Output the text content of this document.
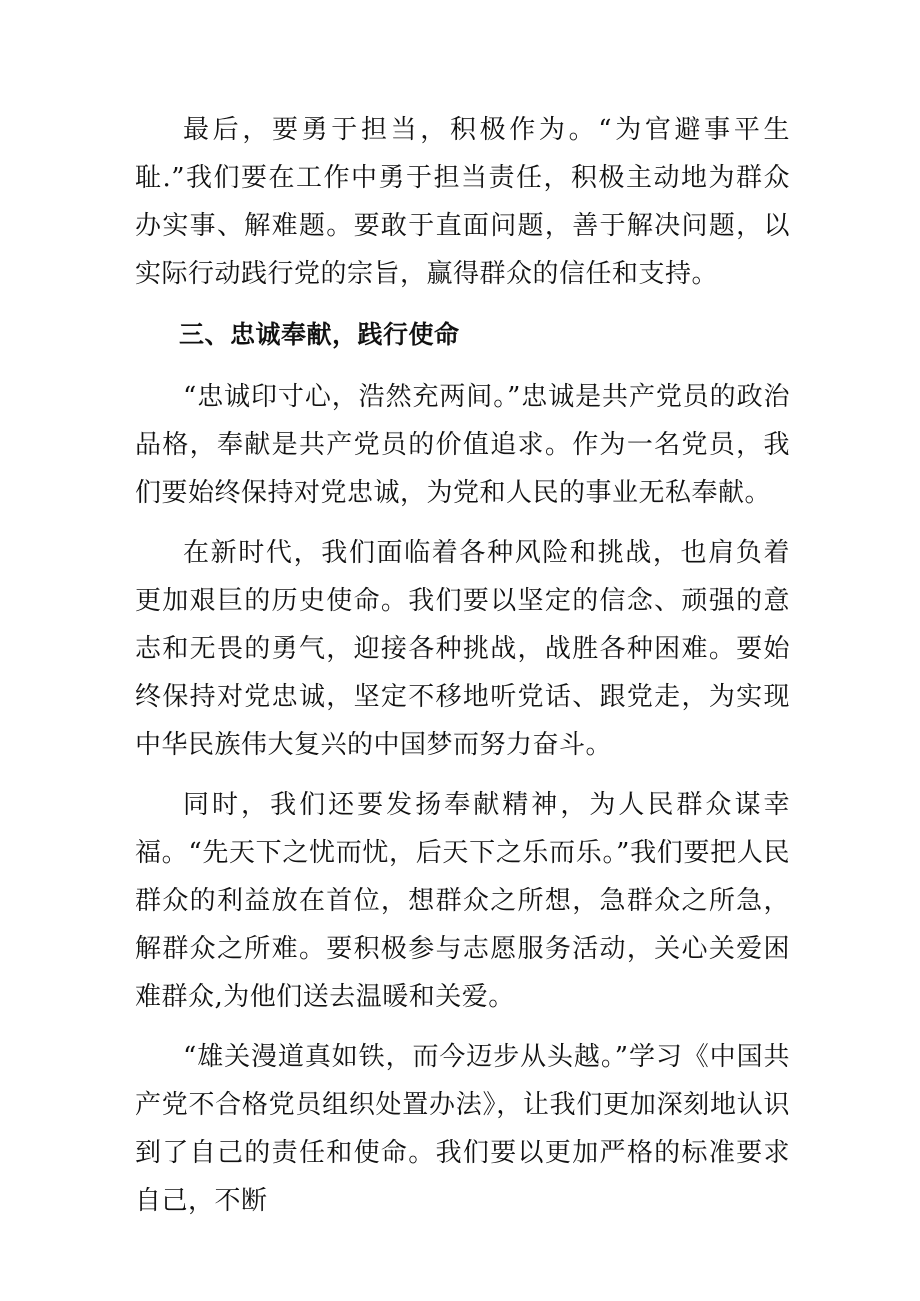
最后，要勇于担当，积极作为。“为官避事平生耻.”我们要在工作中勇于担当责任，积极主动地为群众办实事、解难题。要敢于直面问题，善于解决问题，以实际行动践行党的宗旨，赢得群众的信任和支持。

三、忠诚奉献，践行使命

“忠诚印寸心，浩然充两间。”忠诚是共产党员的政治品格，奉献是共产党员的价值追求。作为一名党员，我们要始终保持对党忠诚，为党和人民的事业无私奉献。

在新时代，我们面临着各种风险和挑战，也肩负着更加艰巨的历史使命。我们要以坚定的信念、顽强的意志和无畏的勇气，迎接各种挑战，战胜各种困难。要始终保持对党忠诚，坚定不移地听党话、跟党走，为实现中华民族伟大复兴的中国梦而努力奋斗。

同时，我们还要发扬奉献精神，为人民群众谋幸福。“先天下之忧而忧，后天下之乐而乐。”我们要把人民群众的利益放在首位，想群众之所想，急群众之所急，解群众之所难。要积极参与志愿服务活动，关心关爱困难群众,为他们送去温暖和关爱。

“雄关漫道真如铁，而今迈步从头越。”学习《中国共产党不合格党员组织处置办法》，让我们更加深刻地认识到了自己的责任和使命。我们要以更加严格的标准要求自己，不断
